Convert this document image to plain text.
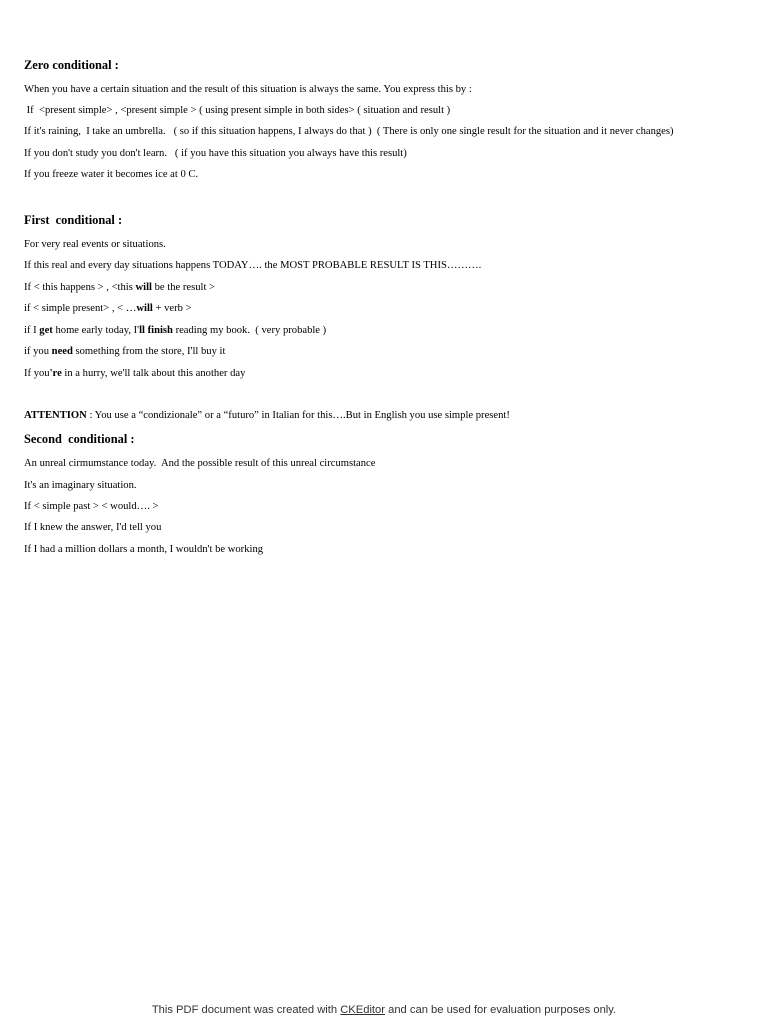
Zero conditional :
When you have a certain situation and the result of this situation is always the same. You express this by :
If  <present simple> , <present simple > ( using present simple in both sides> ( situation and result )
If it's raining,  I take an umbrella.   ( so if this situation happens, I always do that )  ( There is only one single result for the situation and it never changes)
If you don't study you don't learn.   ( if you have this situation you always have this result)
If you freeze water it becomes ice at 0 C.
First  conditional :
For very real events or situations.
If this real and every day situations happens TODAY…. the MOST PROBABLE RESULT IS THIS……….
If < this happens > , <this will be the result >
if < simple present> , < …will + verb >
if I get home early today, I'll finish reading my book.  ( very probable )
if you need something from the store, I'll buy it
If you're in a hurry, we'll talk about this another day
ATTENTION : You use a “condizionale” or a “futuro” in Italian for this….But in English you use simple present!
Second  conditional :
An unreal cirmumstance today.  And the possible result of this unreal circumstance
It's an imaginary situation.
If < simple past > < would…. >
If I knew the answer, I'd tell you
If I had a million dollars a month, I wouldn't be working
This PDF document was created with CKEditor and can be used for evaluation purposes only.
